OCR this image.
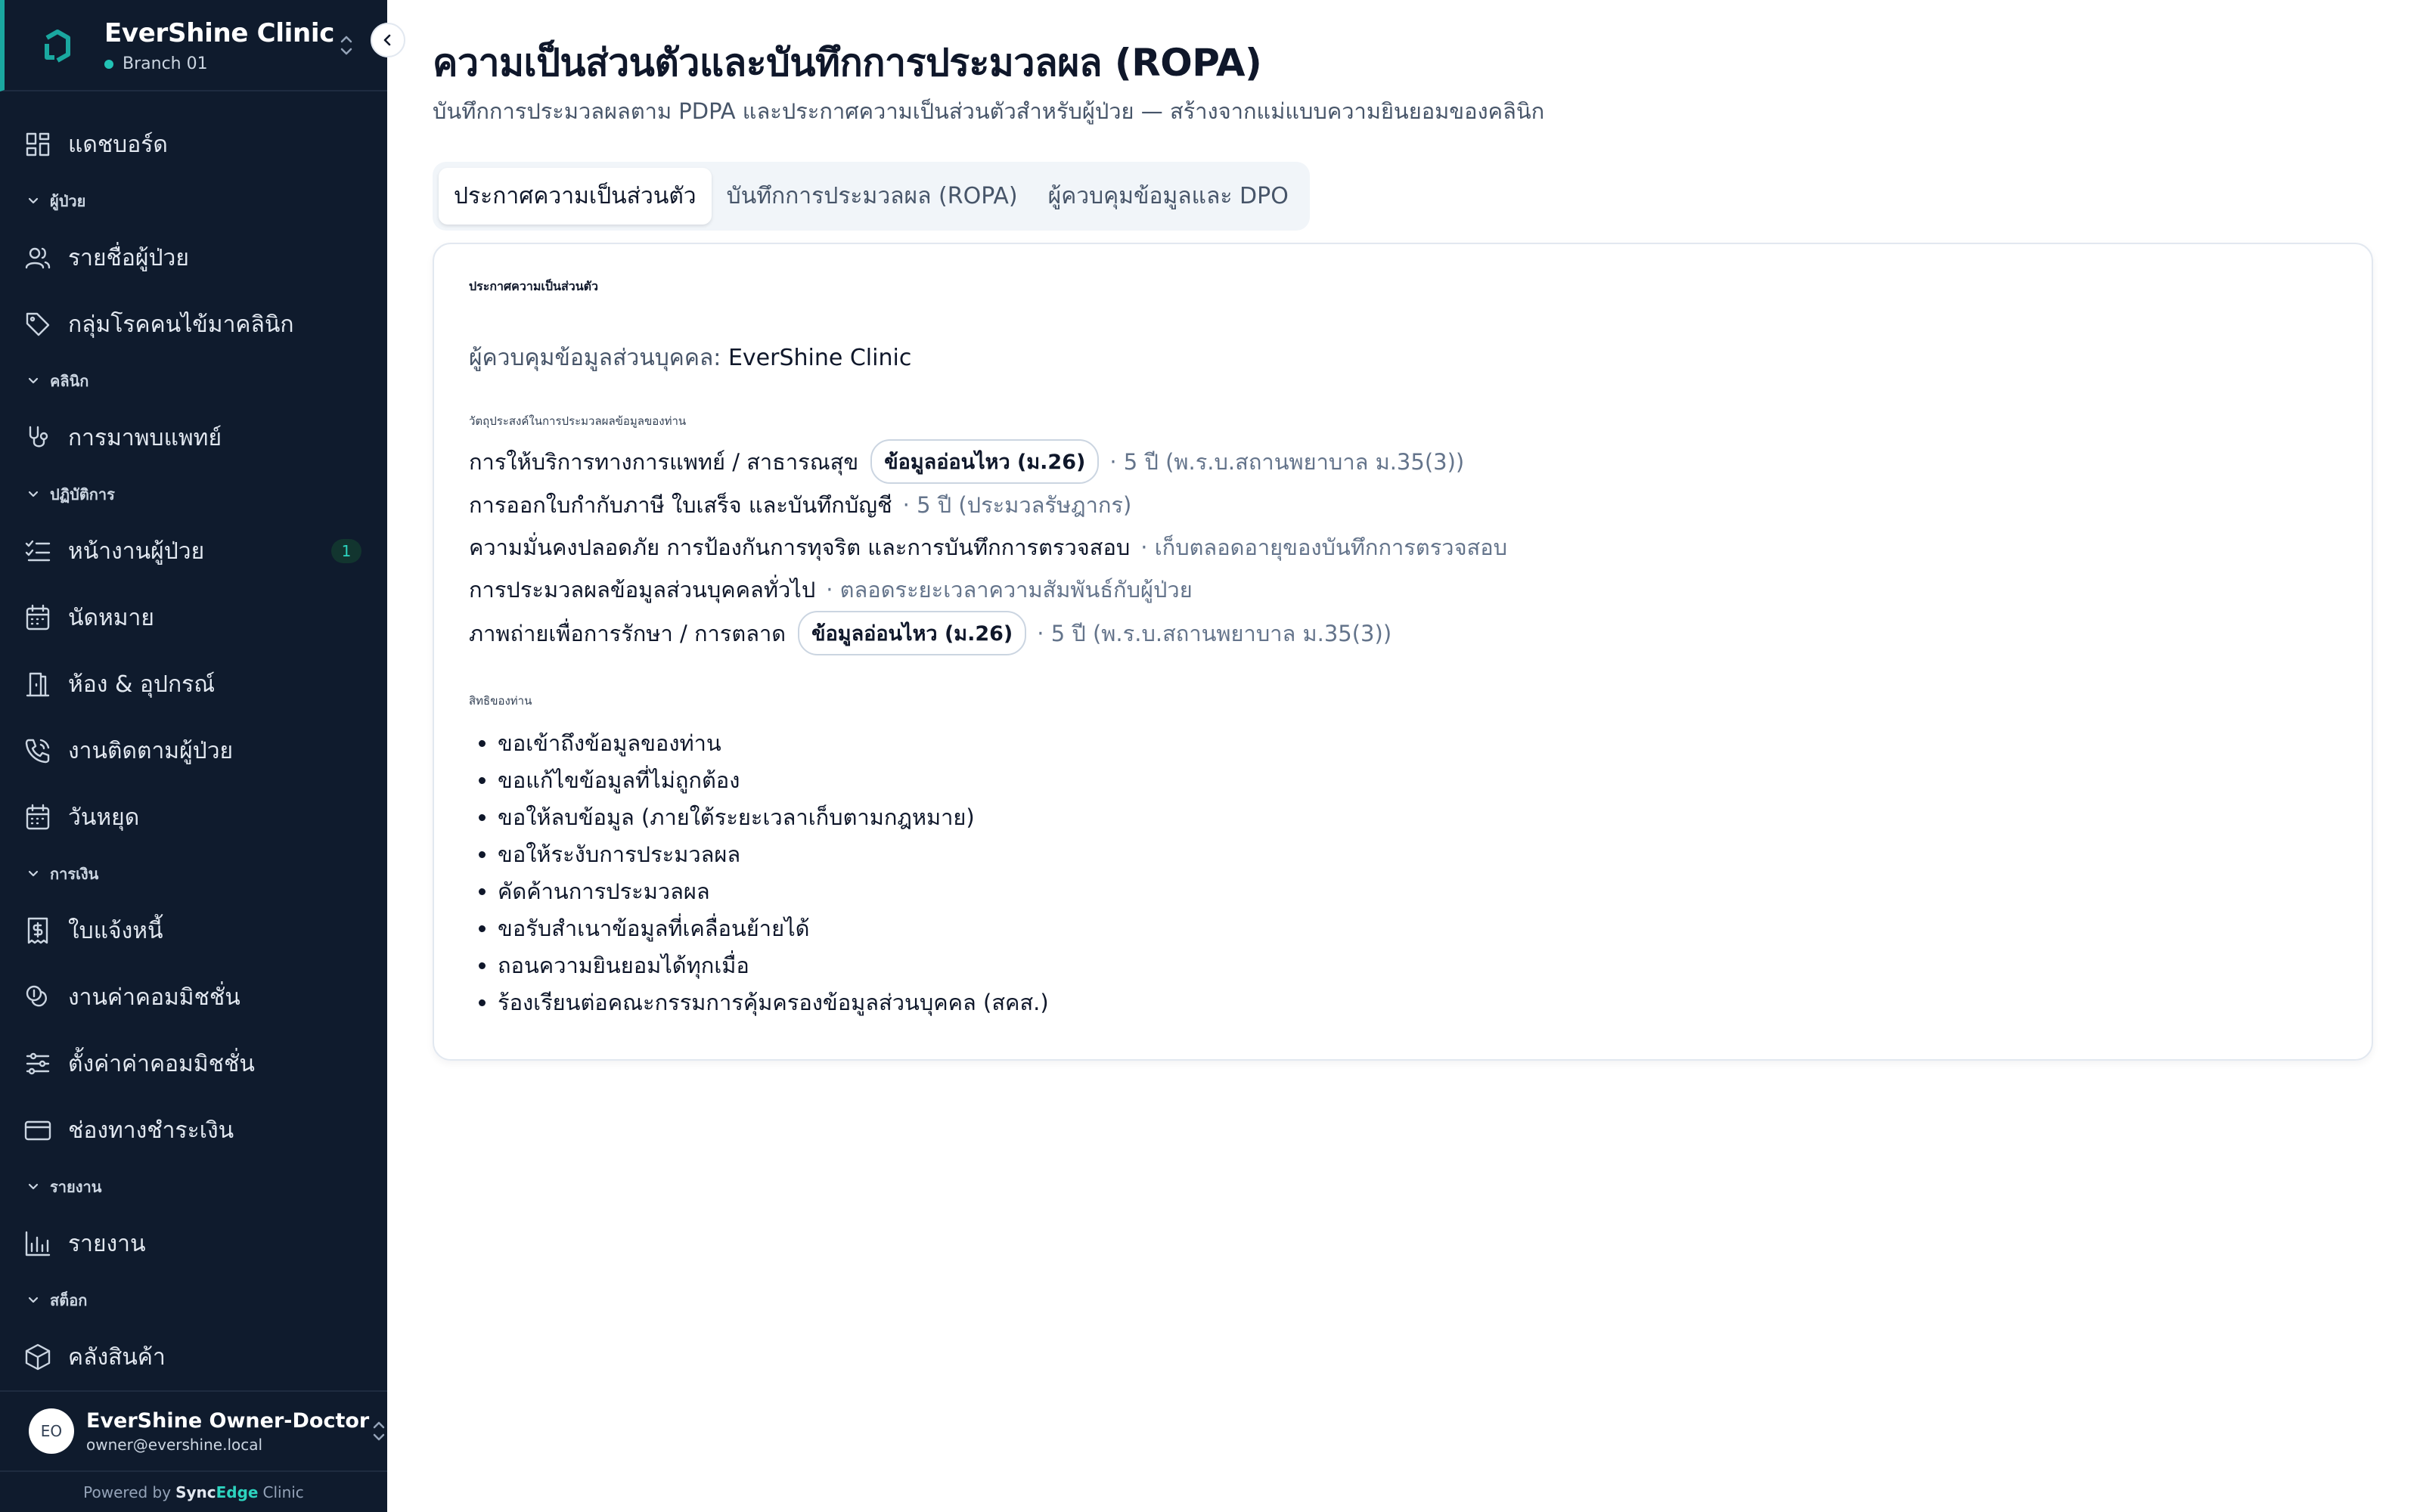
EverShine Clinic
Branch 01
แดชบอร์ด
ผู้ป่วย
รายชื่อผู้ป่วย
กลุ่มโรคคนไข้มาคลินิก
คลินิก
การมาพบแพทย์
ปฏิบัติการ
หน้างานผู้ป่วย	1
นัดหมาย
ห้อง & อุปกรณ์
งานติดตามผู้ป่วย
วันหยุด
การเงิน
ใบแจ้งหนี้
งานค่าคอมมิชชั่น
ตั้งค่าค่าคอมมิชชั่น
ช่องทางชำระเงิน
รายงาน
รายงาน
สต็อก
คลังสินค้า
EO	EverShine Owner-Doctor
owner@evershine.local
Powered by SyncEdge Clinic
ความเป็นส่วนตัวและบันทึกการประมวลผล (ROPA)
บันทึกการประมวลผลตาม PDPA และประกาศความเป็นส่วนตัวสำหรับผู้ป่วย — สร้างจากแม่แบบความยินยอมของคลินิก
ประกาศความเป็นส่วนตัว	บันทึกการประมวลผล (ROPA)	ผู้ควบคุมข้อมูลและ DPO
ประกาศความเป็นส่วนตัว
ผู้ควบคุมข้อมูลส่วนบุคคล: EverShine Clinic
วัตถุประสงค์ในการประมวลผลข้อมูลของท่าน
การให้บริการทางการแพทย์ / สาธารณสุข	ข้อมูลอ่อนไหว (ม.26)	· 5 ปี (พ.ร.บ.สถานพยาบาล ม.35(3))
การออกใบกำกับภาษี ใบเสร็จ และบันทึกบัญชี · 5 ปี (ประมวลรัษฎากร)
ความมั่นคงปลอดภัย การป้องกันการทุจริต และการบันทึกการตรวจสอบ · เก็บตลอดอายุของบันทึกการตรวจสอบ
การประมวลผลข้อมูลส่วนบุคคลทั่วไป · ตลอดระยะเวลาความสัมพันธ์กับผู้ป่วย
ภาพถ่ายเพื่อการรักษา / การตลาด	ข้อมูลอ่อนไหว (ม.26)	· 5 ปี (พ.ร.บ.สถานพยาบาล ม.35(3))
สิทธิของท่าน
• ขอเข้าถึงข้อมูลของท่าน
• ขอแก้ไขข้อมูลที่ไม่ถูกต้อง
• ขอให้ลบข้อมูล (ภายใต้ระยะเวลาเก็บตามกฎหมาย)
• ขอให้ระงับการประมวลผล
• คัดค้านการประมวลผล
• ขอรับสำเนาข้อมูลที่เคลื่อนย้ายได้
• ถอนความยินยอมได้ทุกเมื่อ
• ร้องเรียนต่อคณะกรรมการคุ้มครองข้อมูลส่วนบุคคล (สคส.)
